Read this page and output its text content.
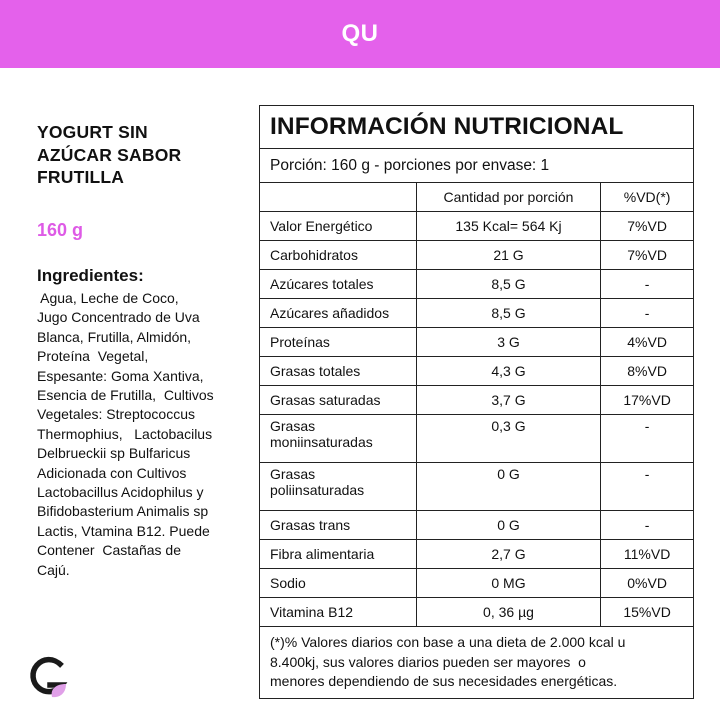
QU
YOGURT SIN
AZÚCAR SABOR
FRUTILLA
160 g
Ingredientes:
Agua, Leche de Coco,
Jugo Concentrado de Uva
Blanca, Frutilla, Almidón,
Proteína  Vegetal,
Espesante: Goma Xantiva,
Esencia de Frutilla,  Cultivos
Vegetales: Streptococcus
Thermophius,   Lactobacilus
Delbrueckii sp Bulfaricus
Adicionada con Cultivos
Lactobacillus Acidophilus y
Bifidobasterium Animalis sp
Lactis, Vtamina B12. Puede
Contener  Castañas de
Cajú.
INFORMACIÓN NUTRICIONAL		
Porción: 160 g - porciones por envase: 1		
	Cantidad por porción	%VD(*)
Valor Energético	135 Kcal= 564 Kj	7%VD
Carbohidratos	21 G	7%VD
Azúcares totales	8,5 G	-
Azúcares añadidos	8,5 G	-
Proteínas	3 G	4%VD
Grasas totales	4,3 G	8%VD
Grasas saturadas	3,7 G	17%VD

Grasas
moniinsaturadas	0,3 G	-

Grasas
poliinsaturadas	0 G	-
Grasas trans	0 G	-
Fibra alimentaria	2,7 G	11%VD
Sodio	0 MG	0%VD
Vitamina B12	0, 36 µg	15%VD

(*)% Valores diarios con base a una dieta de 2.000 kcal u
8.400kj, sus valores diarios pueden ser mayores  o
menores dependiendo de sus necesidades energéticas.		
